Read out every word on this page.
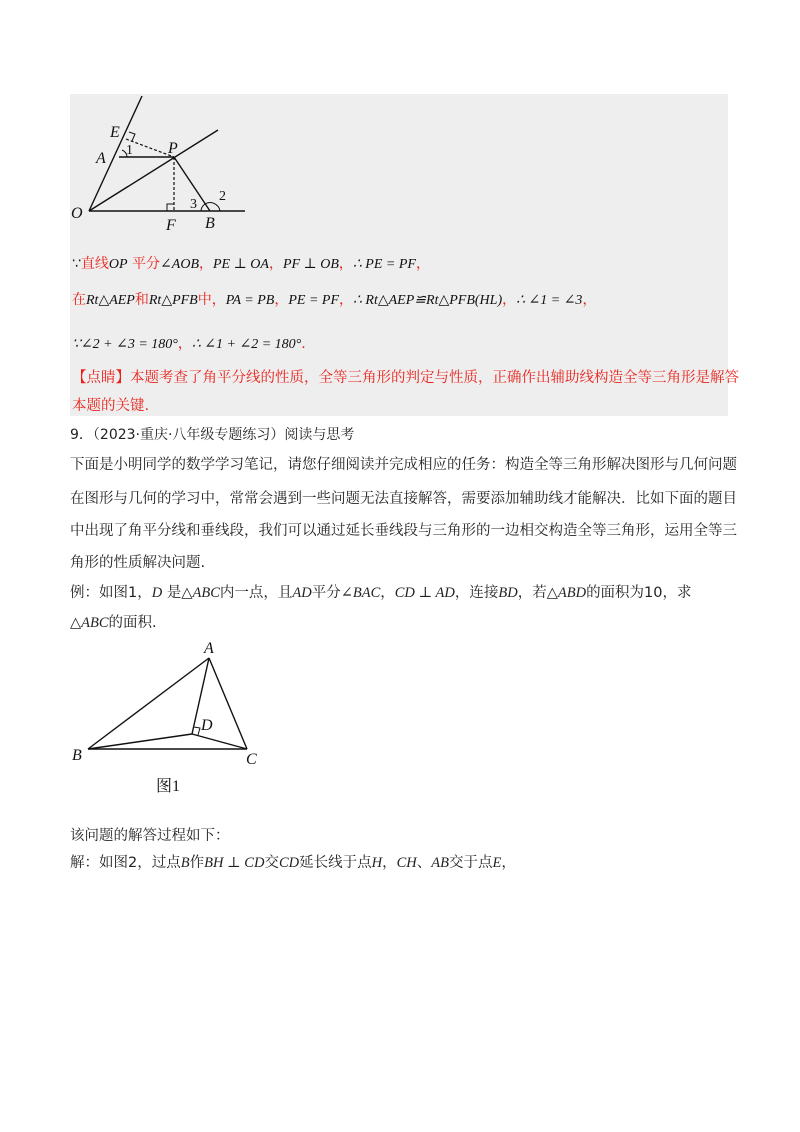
E
A 1 P
O
F
3
B
2
∵直线OP 平分∠AOB，PE ⊥ OA，PF ⊥ OB，∴ PE = PF，
在Rt△AEP和Rt△PFB中，PA = PB，PE = PF，∴ Rt△AEP≌Rt△PFB(HL)，∴ ∠1 = ∠3，
∵∠2 + ∠3 = 180°，∴ ∠1 + ∠2 = 180°.
【点睛】本题考查了角平分线的性质，全等三角形的判定与性质，正确作出辅助线构造全等三角形是解答
本题的关键.
9．（2023·重庆·八年级专题练习）阅读与思考
下面是小明同学的数学学习笔记，请您仔细阅读并完成相应的任务：构造全等三角形解决图形与几何问题
在图形与几何的学习中，常常会遇到一些问题无法直接解答，需要添加辅助线才能解决．比如下面的题目
中出现了角平分线和垂线段，我们可以通过延长垂线段与三角形的一边相交构造全等三角形，运用全等三
角形的性质解决问题.
例：如图1，D 是△ABC内一点，且AD平分∠BAC，CD ⊥ AD，连接BD，若△ABD的面积为10，求
△ABC的面积.
A
B	C
D
图1
该问题的解答过程如下：
解：如图2，过点B作BH ⊥ CD交CD延长线于点H，CH、AB交于点E，
